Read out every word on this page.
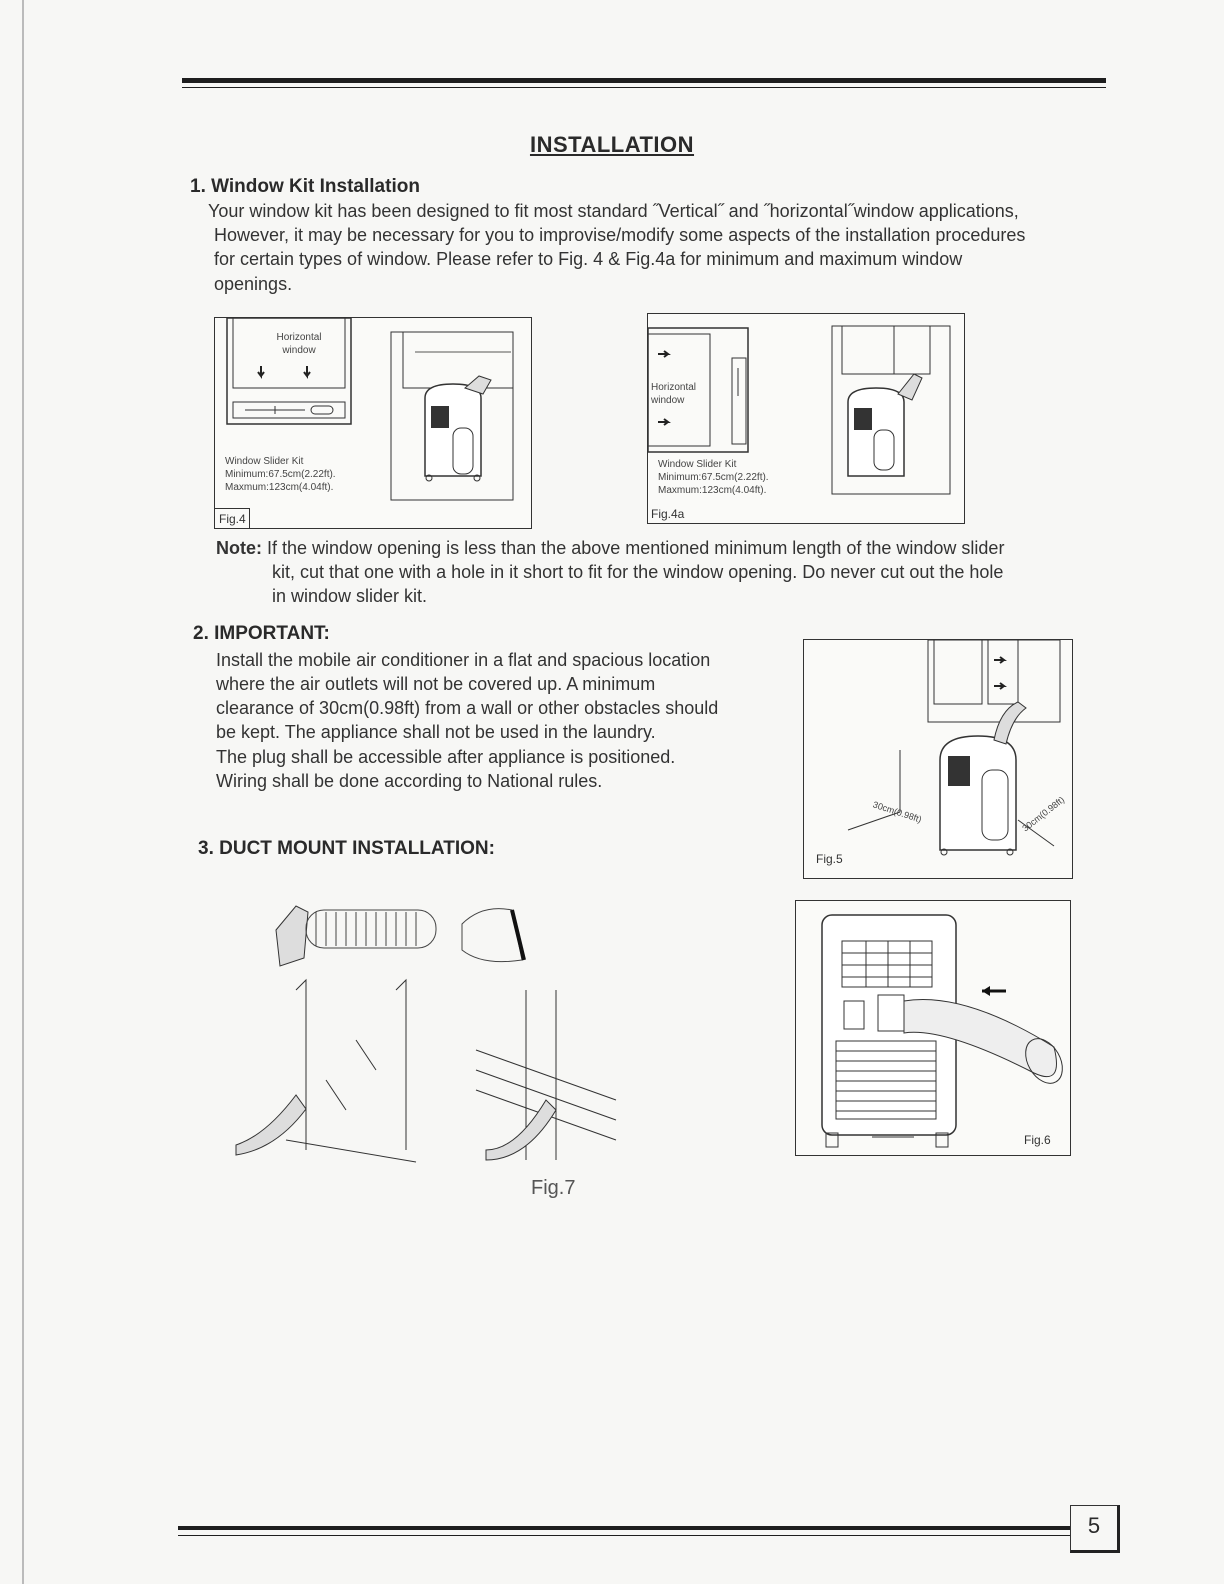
INSTALLATION
1. Window Kit Installation
Your window kit has been designed to fit most standard ˝Vertical˝ and ˝horizontal˝window applications,
However, it may be necessary for you to improvise/modify some aspects of the installation procedures
for certain types of window. Please refer to Fig. 4 & Fig.4a for minimum and maximum window
openings.
Horizontal
window
Window Slider Kit
Minimum:67.5cm(2.22ft).
Maxmum:123cm(4.04ft).
Fig.4
Horizontal
window
Window Slider Kit
Minimum:67.5cm(2.22ft).
Maxmum:123cm(4.04ft).
Fig.4a
Note: If the window opening is less than the above mentioned minimum length of the window slider
kit, cut that one with a hole in it short to fit for the window opening. Do never cut out the hole
in window slider kit.
2. IMPORTANT:
Install the mobile air conditioner in a flat and spacious location
where the air outlets will not be covered up. A minimum
clearance of 30cm(0.98ft) from a wall or other obstacles should
be kept. The appliance shall not be used in the laundry.
The plug shall be accessible after appliance is positioned.
Wiring shall be done according to National rules.
30cm(0.98ft)	30cm(0.98ft)
Fig.5
3. DUCT MOUNT INSTALLATION:
Fig.7
Fig.6
5
